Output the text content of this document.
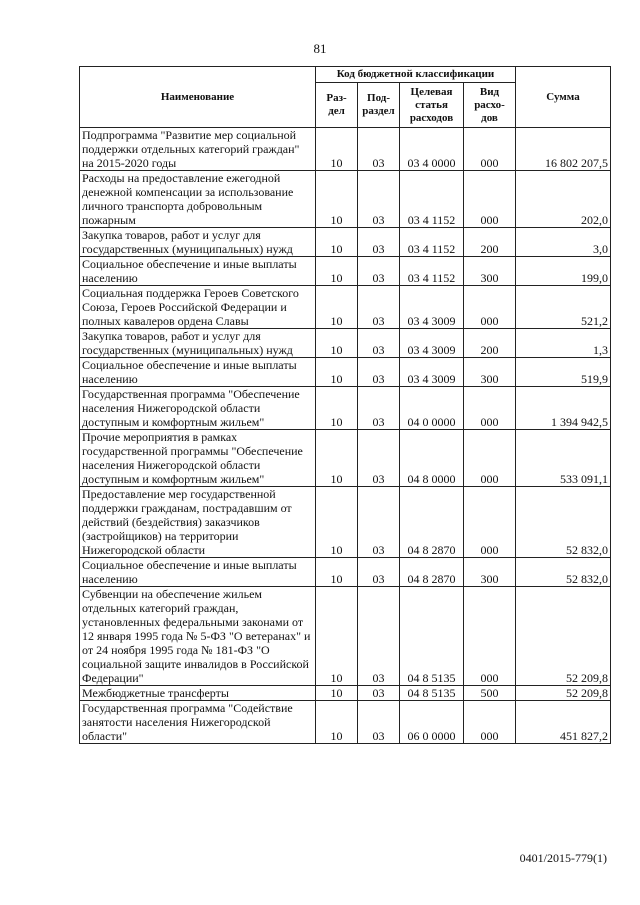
81
Наименование	Код бюджетной классификации				Сумма
	Раз- дел	Под- раздел	Целевая статья расходов	Вид расхо- дов	
Подпрограмма "Развитие мер социальной поддержки отдельных категорий граждан" на 2015-2020 годы	10	03	03 4 0000	000	16 802 207,5
Расходы на предоставление ежегодной денежной компенсации за использование личного транспорта добровольным пожарным	10	03	03 4 1152	000	202,0
Закупка товаров, работ и услуг для государственных (муниципальных) нужд	10	03	03 4 1152	200	3,0
Социальное обеспечение и иные выплаты населению	10	03	03 4 1152	300	199,0
Социальная поддержка Героев Советского Союза, Героев Российской Федерации и полных кавалеров ордена Славы	10	03	03 4 3009	000	521,2
Закупка товаров, работ и услуг для государственных (муниципальных) нужд	10	03	03 4 3009	200	1,3
Социальное обеспечение и иные выплаты населению	10	03	03 4 3009	300	519,9
Государственная программа "Обеспечение населения Нижегородской области доступным и комфортным жильем"	10	03	04 0 0000	000	1 394 942,5
Прочие мероприятия в рамках государственной программы "Обеспечение населения Нижегородской области доступным и комфортным жильем"	10	03	04 8 0000	000	533 091,1
Предоставление мер государственной поддержки гражданам, пострадавшим от действий (бездействия) заказчиков (застройщиков) на территории Нижегородской области	10	03	04 8 2870	000	52 832,0
Социальное обеспечение и иные выплаты населению	10	03	04 8 2870	300	52 832,0
Субвенции на обеспечение жильем отдельных категорий граждан, установленных федеральными законами от 12 января 1995 года № 5-ФЗ "О ветеранах" и от 24 ноября 1995 года № 181-ФЗ "О социальной защите инвалидов в Российской Федерации"	10	03	04 8 5135	000	52 209,8
Межбюджетные трансферты	10	03	04 8 5135	500	52 209,8
Государственная программа "Содействие занятости населения Нижегородской области"	10	03	06 0 0000	000	451 827,2
0401/2015-779(1)
